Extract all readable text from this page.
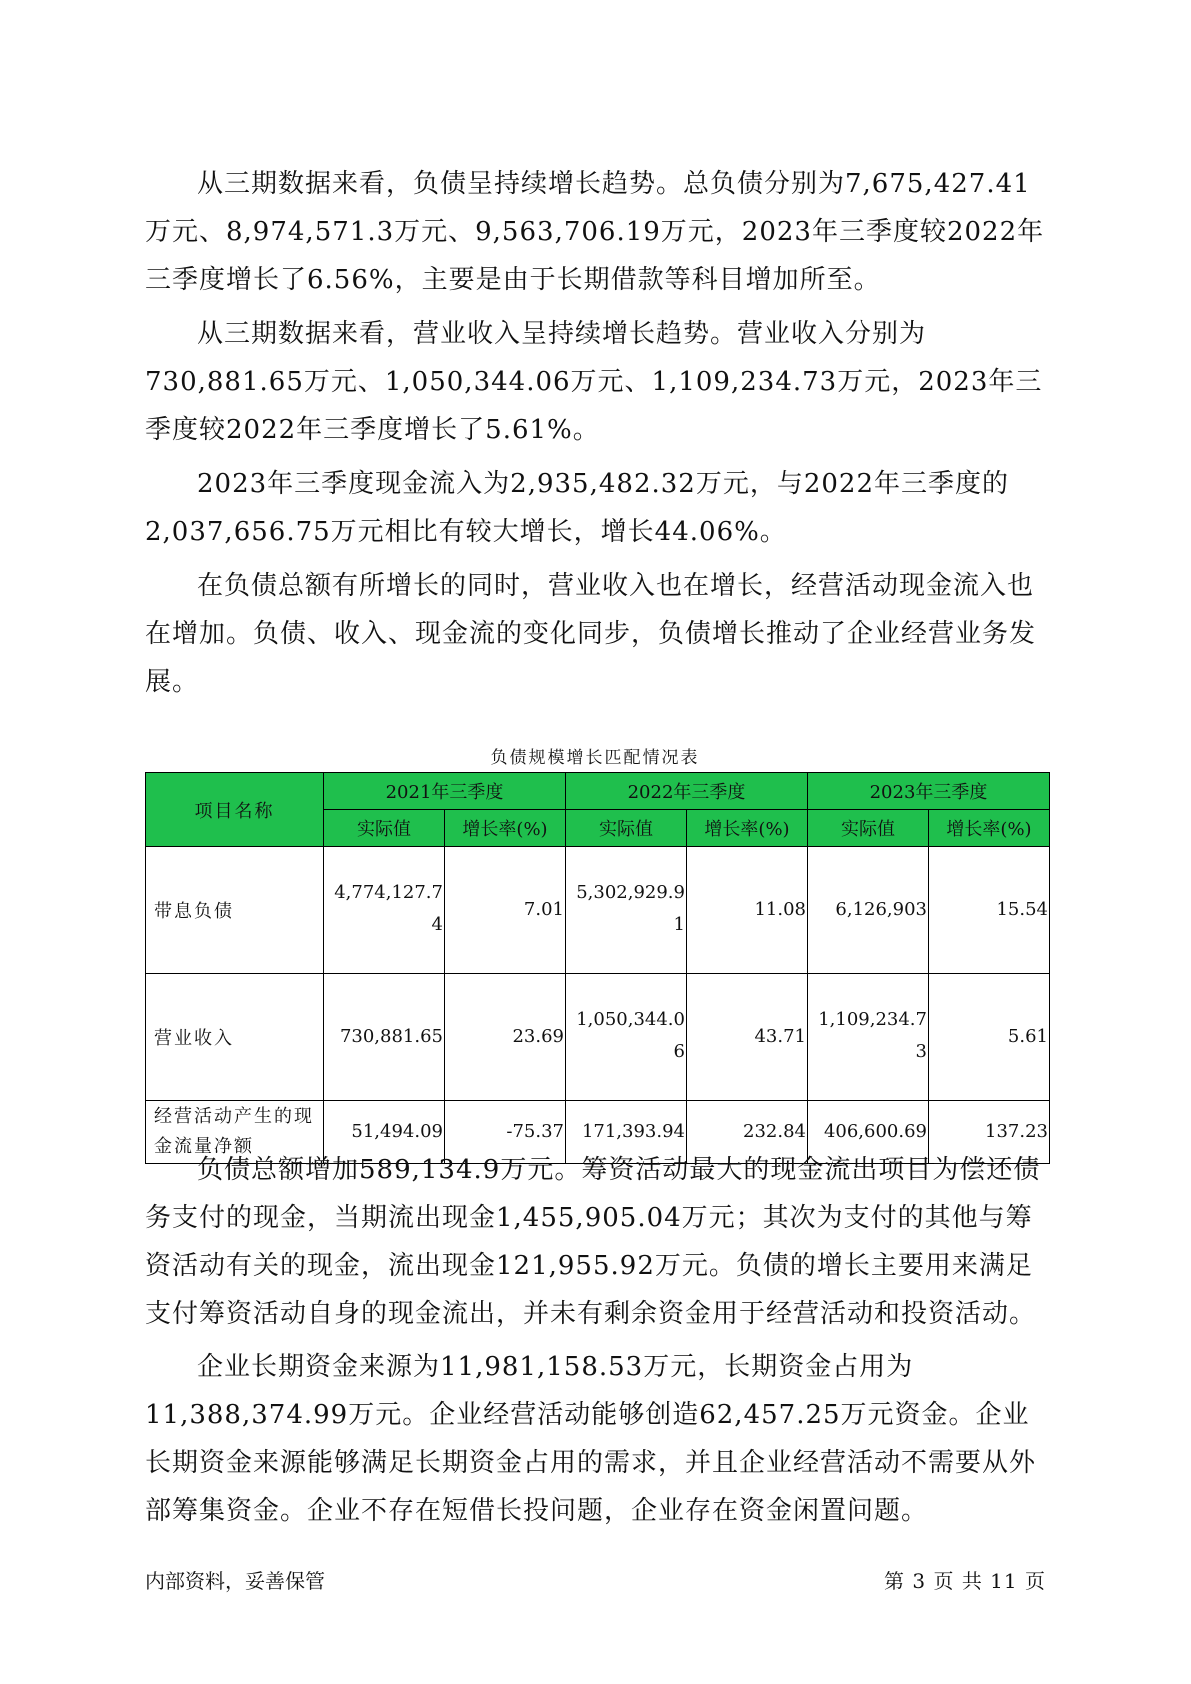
从三期数据来看，负债呈持续增长趋势。总负债分别为7,675,427.41万元、8,974,571.3万元、9,563,706.19万元，2023年三季度较2022年三季度增长了6.56%，主要是由于长期借款等科目增加所至。

从三期数据来看，营业收入呈持续增长趋势。营业收入分别为730,881.65万元、1,050,344.06万元、1,109,234.73万元，2023年三季度较2022年三季度增长了5.61%。

2023年三季度现金流入为2,935,482.32万元，与2022年三季度的2,037,656.75万元相比有较大增长，增长44.06%。

在负债总额有所增长的同时，营业收入也在增长，经营活动现金流入也在增加。负债、收入、现金流的变化同步，负债增长推动了企业经营业务发展。

负债规模增长匹配情况表
项目名称	2021年三季度		2022年三季度		2023年三季度	
	实际值	增长率(%)	实际值	增长率(%)	实际值	增长率(%)
带息负债	4,774,127.74	7.01	5,302,929.91	11.08	6,126,903	15.54
营业收入	730,881.65	23.69	1,050,344.06	43.71	1,109,234.73	5.61
经营活动产生的现金流量净额	51,494.09	-75.37	171,393.94	232.84	406,600.69	137.23

负债总额增加589,134.9万元。筹资活动最大的现金流出项目为偿还债务支付的现金，当期流出现金1,455,905.04万元；其次为支付的其他与筹资活动有关的现金，流出现金121,955.92万元。负债的增长主要用来满足支付筹资活动自身的现金流出，并未有剩余资金用于经营活动和投资活动。

企业长期资金来源为11,981,158.53万元，长期资金占用为11,388,374.99万元。企业经营活动能够创造62,457.25万元资金。企业长期资金来源能够满足长期资金占用的需求，并且企业经营活动不需要从外部筹集资金。企业不存在短借长投问题，企业存在资金闲置问题。

内部资料，妥善保管	第 3 页 共 11 页
